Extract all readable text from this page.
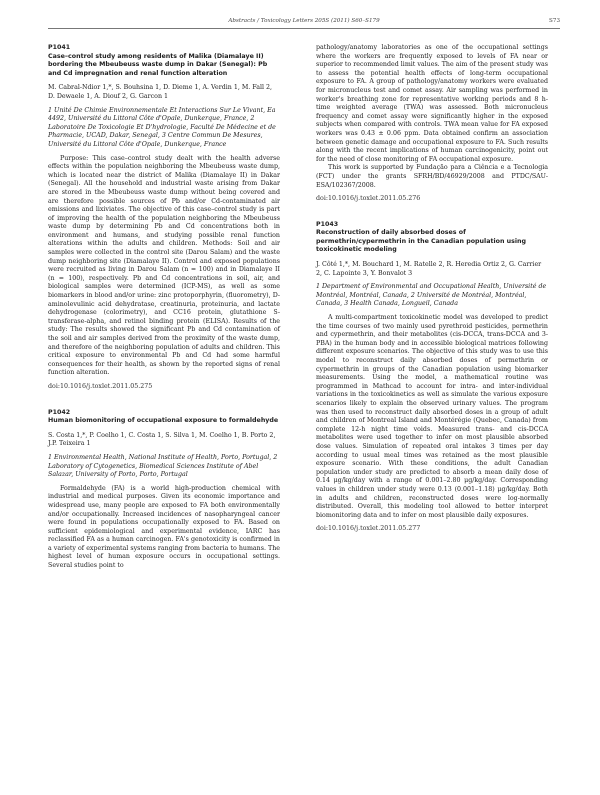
Abstracts / Toxicology Letters 205S (2011) S60–S179	S73

P1041

Case–control study among residents of Malika (Diamalaye II) bordering the Mbeubeuss waste dump in Dakar (Senegal): Pb and Cd impregnation and renal function alteration

M. Cabral-Ndior 1,*, S. Bouhsina 1, D. Dieme 1, A. Verdin 1, M. Fall 2, D. Dewaele 1, A. Diouf 2, G. Garcon 1

1 Unité De Chimie Environnementale Et Interactions Sur Le Vivant, Ea 4492, Université du Littoral Côte d'Opale, Dunkerque, France, 2 Laboratoire De Toxicologie Et D'hydrologie, Faculté De Médecine et de Pharmacie, UCAD, Dakar, Senegal, 3 Centre Commun De Mesures, Université du Littoral Côte d'Opale, Dunkerque, France

Purpose: This case–control study dealt with the health adverse effects within the population neighboring the Mbeubeuss waste dump, which is located near the district of Malika (Diamalaye II) in Dakar (Senegal). All the household and industrial waste arising from Dakar are stored in the Mbeubeuss waste dump without being covered and are therefore possible sources of Pb and/or Cd-contaminated air emissions and lixiviates. The objective of this case–control study is part of improving the health of the population neighboring the Mbeubeuss waste dump by determining Pb and Cd concentrations both in environment and humans, and studying possible renal function alterations within the adults and children. Methods: Soil and air samples were collected in the control site (Darou Salam) and the waste dump neighboring site (Diamalaye II). Control and exposed populations were recruited as living in Darou Salam (n = 100) and in Diamalaye II (n = 100), respectively. Pb and Cd concentrations in soil, air, and biological samples were determined (ICP-MS), as well as some biomarkers in blood and/or urine: zinc protoporphyrin, (fluorometry), D-aminolevulinic acid dehydratase, creatinuria, proteinuria, and lactate dehydrogenase (colorimetry), and CC16 protein, glutathione S-transferase-alpha, and retinol binding protein (ELISA). Results of the study: The results showed the significant Pb and Cd contamination of the soil and air samples derived from the proximity of the waste dump, and therefore of the neighboring population of adults and children. This critical exposure to environmental Pb and Cd had some harmful consequences for their health, as shown by the reported signs of renal function alteration.

doi:10.1016/j.toxlet.2011.05.275

P1042

Human biomonitoring of occupational exposure to formaldehyde

S. Costa 1,*, P. Coelho 1, C. Costa 1, S. Silva 1, M. Coelho 1, B. Porto 2, J.P. Teixeira 1

1 Environmental Health, National Institute of Health, Porto, Portugal, 2 Laboratory of Cytogenetics, Biomedical Sciences Institute of Abel Salazar, University of Porto, Porto, Portugal

Formaldehyde (FA) is a world high-production chemical with industrial and medical purposes. Given its economic importance and widespread use, many people are exposed to FA both environmentally and/or occupationally. Increased incidences of nasopharyngeal cancer were found in populations occupationally exposed to FA. Based on sufficient epidemiological and experimental evidence, IARC has reclassified FA as a human carcinogen. FA's genotoxicity is confirmed in a variety of experimental systems ranging from bacteria to humans. The highest level of human exposure occurs in occupational settings. Several studies point to

pathology/anatomy laboratories as one of the occupational settings where the workers are frequently exposed to levels of FA near or superior to recommended limit values. The aim of the present study was to assess the potential health effects of long-term occupational exposure to FA. A group of pathology/anatomy workers were evaluated for micronucleus test and comet assay. Air sampling was performed in worker's breathing zone for representative working periods and 8 h-time weighted average (TWA) was assessed. Both micronucleus frequency and comet assay were significantly higher in the exposed subjects when compared with controls. TWA mean value for FA exposed workers was 0.43 ± 0.06 ppm. Data obtained confirm an association between genetic damage and occupational exposure to FA. Such results along with the recent implications of human carcinogenicity, point out for the need of close monitoring of FA occupational exposure.

This work is supported by Fundação para a Ciência e a Tecnologia (FCT) under the grants SFRH/BD/46929/2008 and PTDC/SAU-ESA/102367/2008.

doi:10.1016/j.toxlet.2011.05.276

P1043

Reconstruction of daily absorbed doses of permethrin/cypermethrin in the Canadian population using toxicokinetic modeling

J. Côté 1,*, M. Bouchard 1, M. Ratelle 2, R. Heredia Ortiz 2, G. Carrier 2, C. Lapointe 3, Y. Bonvalot 3

1 Department of Environmental and Occupational Health, Université de Montréal, Montréal, Canada, 2 Université de Montréal, Montréal, Canada, 3 Health Canada, Longueil, Canada

A multi-compartment toxicokinetic model was developed to predict the time courses of two mainly used pyrethroid pesticides, permethrin and cypermethrin, and their metabolites (cis-DCCA, trans-DCCA and 3-PBA) in the human body and in accessible biological matrices following different exposure scenarios. The objective of this study was to use this model to reconstruct daily absorbed doses of permethrin or cypermethrin in groups of the Canadian population using biomarker measurements. Using the model, a mathematical routine was programmed in Mathcad to account for intra- and inter-individual variations in the toxicokinetics as well as simulate the various exposure scenarios likely to explain the observed urinary values. The program was then used to reconstruct daily absorbed doses in a group of adult and children of Montreal Island and Montérégie (Quebec, Canada) from complete 12-h night time voids. Measured trans- and cis-DCCA metabolites were used together to infer on most plausible absorbed dose values. Simulation of repeated oral intakes 3 times per day according to usual meal times was retained as the most plausible exposure scenario. With these conditions, the adult Canadian population under study are predicted to absorb a mean daily dose of 0.14 μg/kg/day with a range of 0.001–2.80 μg/kg/day. Corresponding values in children under study were 0.13 (0.001–1.18) μg/kg/day. Both in adults and children, reconstructed doses were log-normally distributed. Overall, this modeling tool allowed to better interpret biomonitoring data and to infer on most plausible daily exposures.

doi:10.1016/j.toxlet.2011.05.277
